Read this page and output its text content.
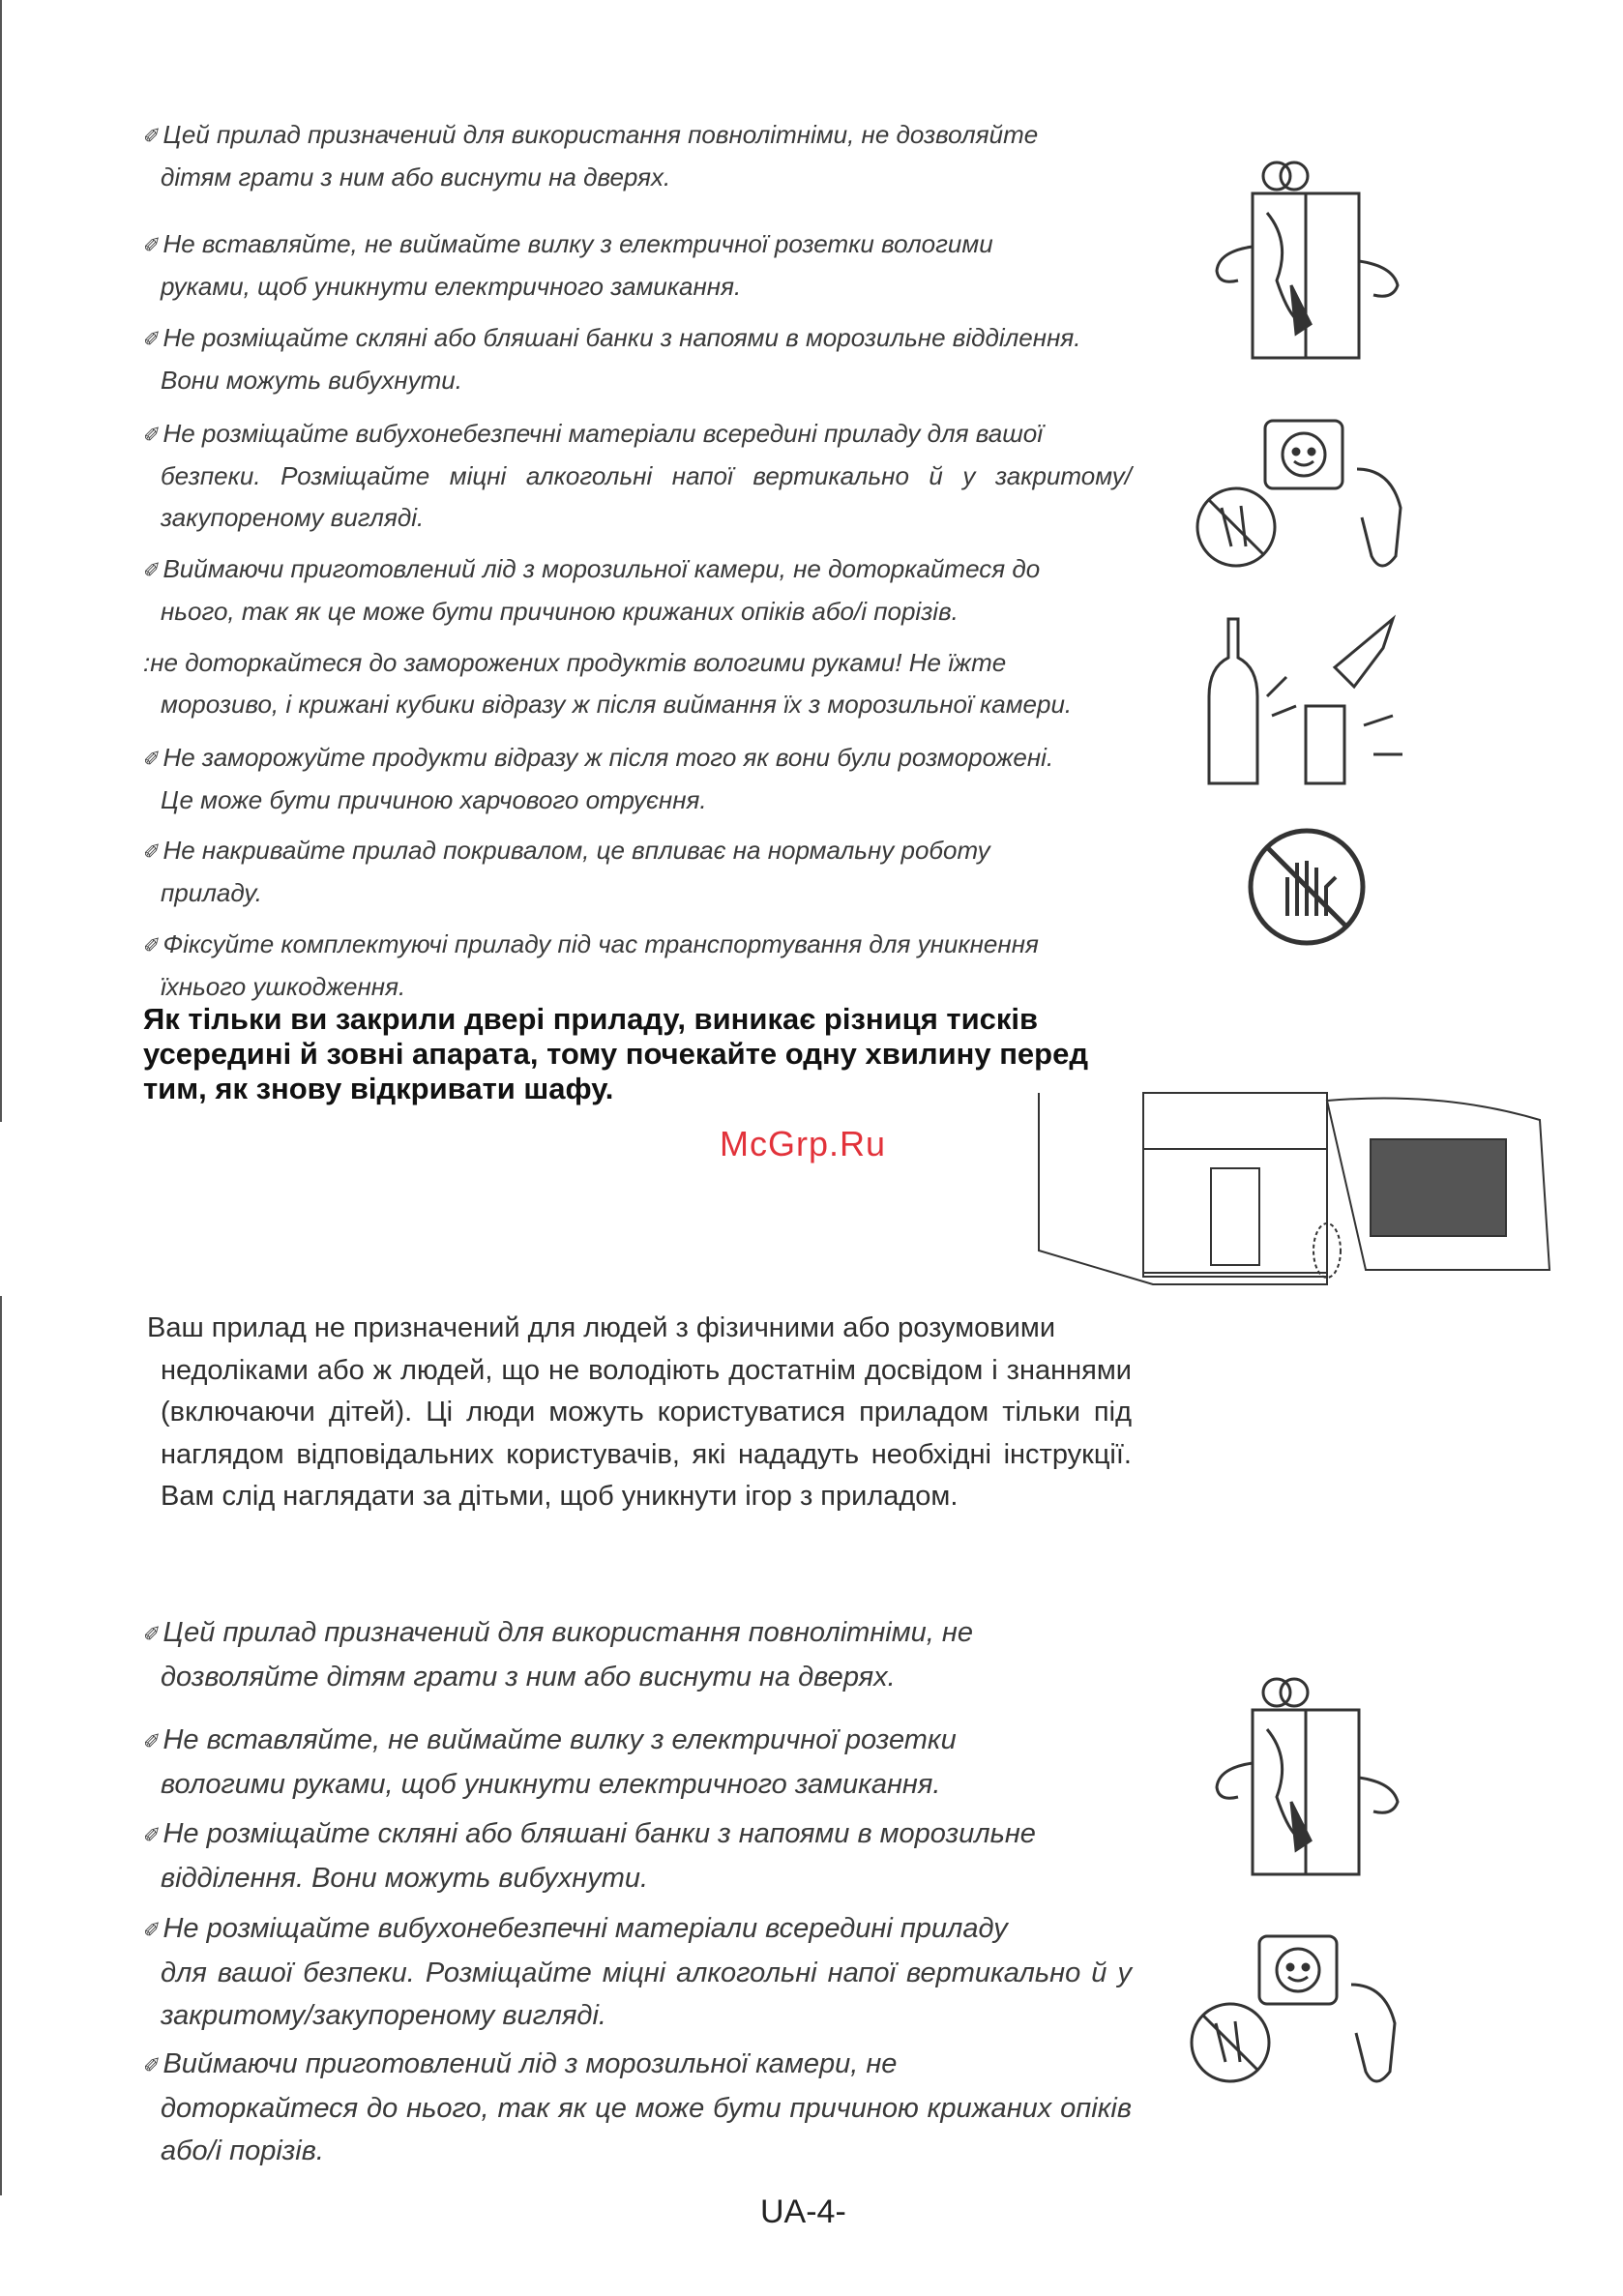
✐Цей прилад призначений для використання повнолітніми, не дозволяйте
дітям грати з ним або виснути на дверях.
✐Не вставляйте, не виймайте вилку з електричної розетки вологими
руками, щоб уникнути електричного замикання.
✐Не розміщайте скляні або бляшані банки з напоями в морозильне відділення.
Вони можуть вибухнути.
✐Не розміщайте вибухонебезпечні матеріали всередині приладу для вашої
безпеки. Розміщайте міцні алкогольні напої вертикально й у закритому/закупореному вигляді.
✐Виймаючи приготовлений лід з морозильної камери, не доторкайтеся до
нього, так як це може бути причиною крижаних опіків або/і порізів.
:не доторкайтеся до заморожених продуктів вологими руками! Не їжте
морозиво, і крижані кубики відразу ж після виймання їх з морозильної камери.
✐Не заморожуйте продукти відразу ж після того як вони були розморожені.
Це може бути причиною харчового отруєння.
✐Не накривайте прилад покривалом, це впливає на нормальну роботу
приладу.
✐Фіксуйте комплектуючі приладу під час транспортування для уникнення
їхнього ушкодження.
Як тільки ви закрили двері приладу, виникає різниця тисків усередині й зовні апарата, тому почекайте одну хвилину перед тим, як знову відкривати шафу.
McGrp.Ru
Ваш прилад не призначений для людей з фізичними або розумовими
недоліками або ж людей, що не володіють достатнім досвідом і знаннями (включаючи дітей). Ці люди можуть користуватися приладом тільки під наглядом відповідальних користувачів, які нададуть необхідні інструкції. Вам слід наглядати за дітьми, щоб уникнути ігор з приладом.
✐Цей прилад призначений для використання повнолітніми, не
дозволяйте дітям грати з ним або виснути на дверях.
✐Не вставляйте, не виймайте вилку з електричної розетки
вологими руками, щоб уникнути електричного замикання.
✐Не розміщайте скляні або бляшані банки з напоями в морозильне
відділення. Вони можуть вибухнути.
✐Не розміщайте вибухонебезпечні матеріали всередині приладу
для вашої безпеки. Розміщайте міцні алкогольні напої вертикально й у закритому/закупореному вигляді.
✐Виймаючи приготовлений лід з морозильної камери, не
доторкайтеся до нього, так як це може бути причиною крижаних опіків або/і порізів.
UA-4-
